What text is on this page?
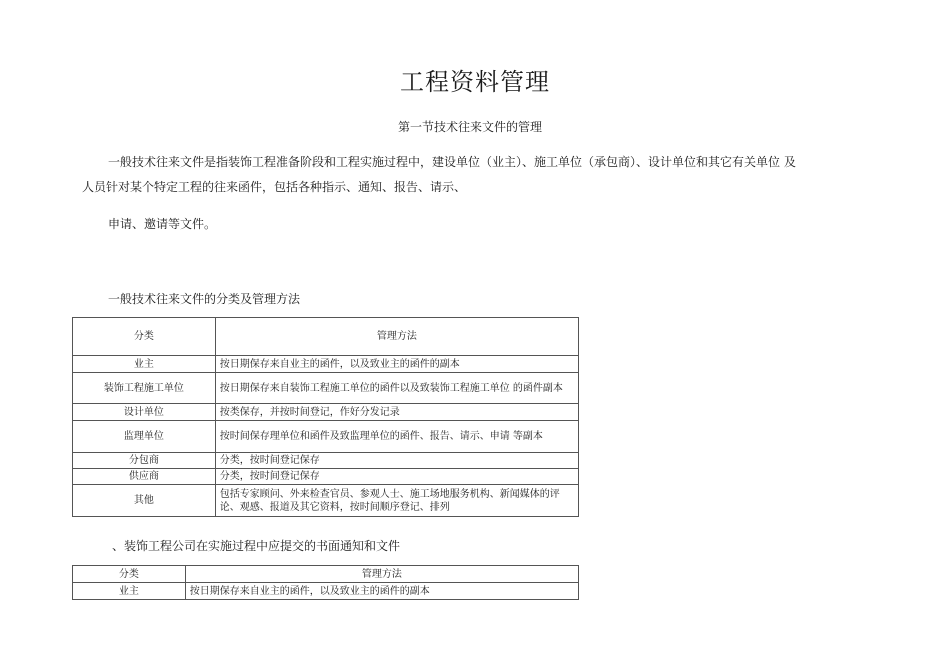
工程资料管理
第一节技术往来文件的管理

一般技术往来文件是指装饰工程准备阶段和工程实施过程中，建设单位（业主）、施工单位（承包商）、设计单位和其它有关单位 及

人员针对某个特定工程的往来函件，包括各种指示、通知、报告、请示、

申请、邀请等文件。

一般技术往来文件的分类及管理方法
分类	管理方法
业主	按日期保存来自业主的函件，以及致业主的函件的副本
装饰工程施工单位	按日期保存来自装饰工程施工单位的函件以及致装饰工程施工单位 的函件副本
设计单位	按类保存，并按时间登记，作好分发记录
监理单位	按时间保存理单位和函件及致监理单位的函件、报告、请示、申请 等副本
分包商	分类，按时间登记保存
供应商	分类，按时间登记保存
其他	包括专家顾问、外来检查官员、参观人士、施工场地服务机构、新闻媒体的评论、观感、报道及其它资料，按时间顺序登记、排列
、装饰工程公司在实施过程中应提交的书面通知和文件
分类	管理方法
业主	按日期保存来自业主的函件，以及致业主的函件的副本
